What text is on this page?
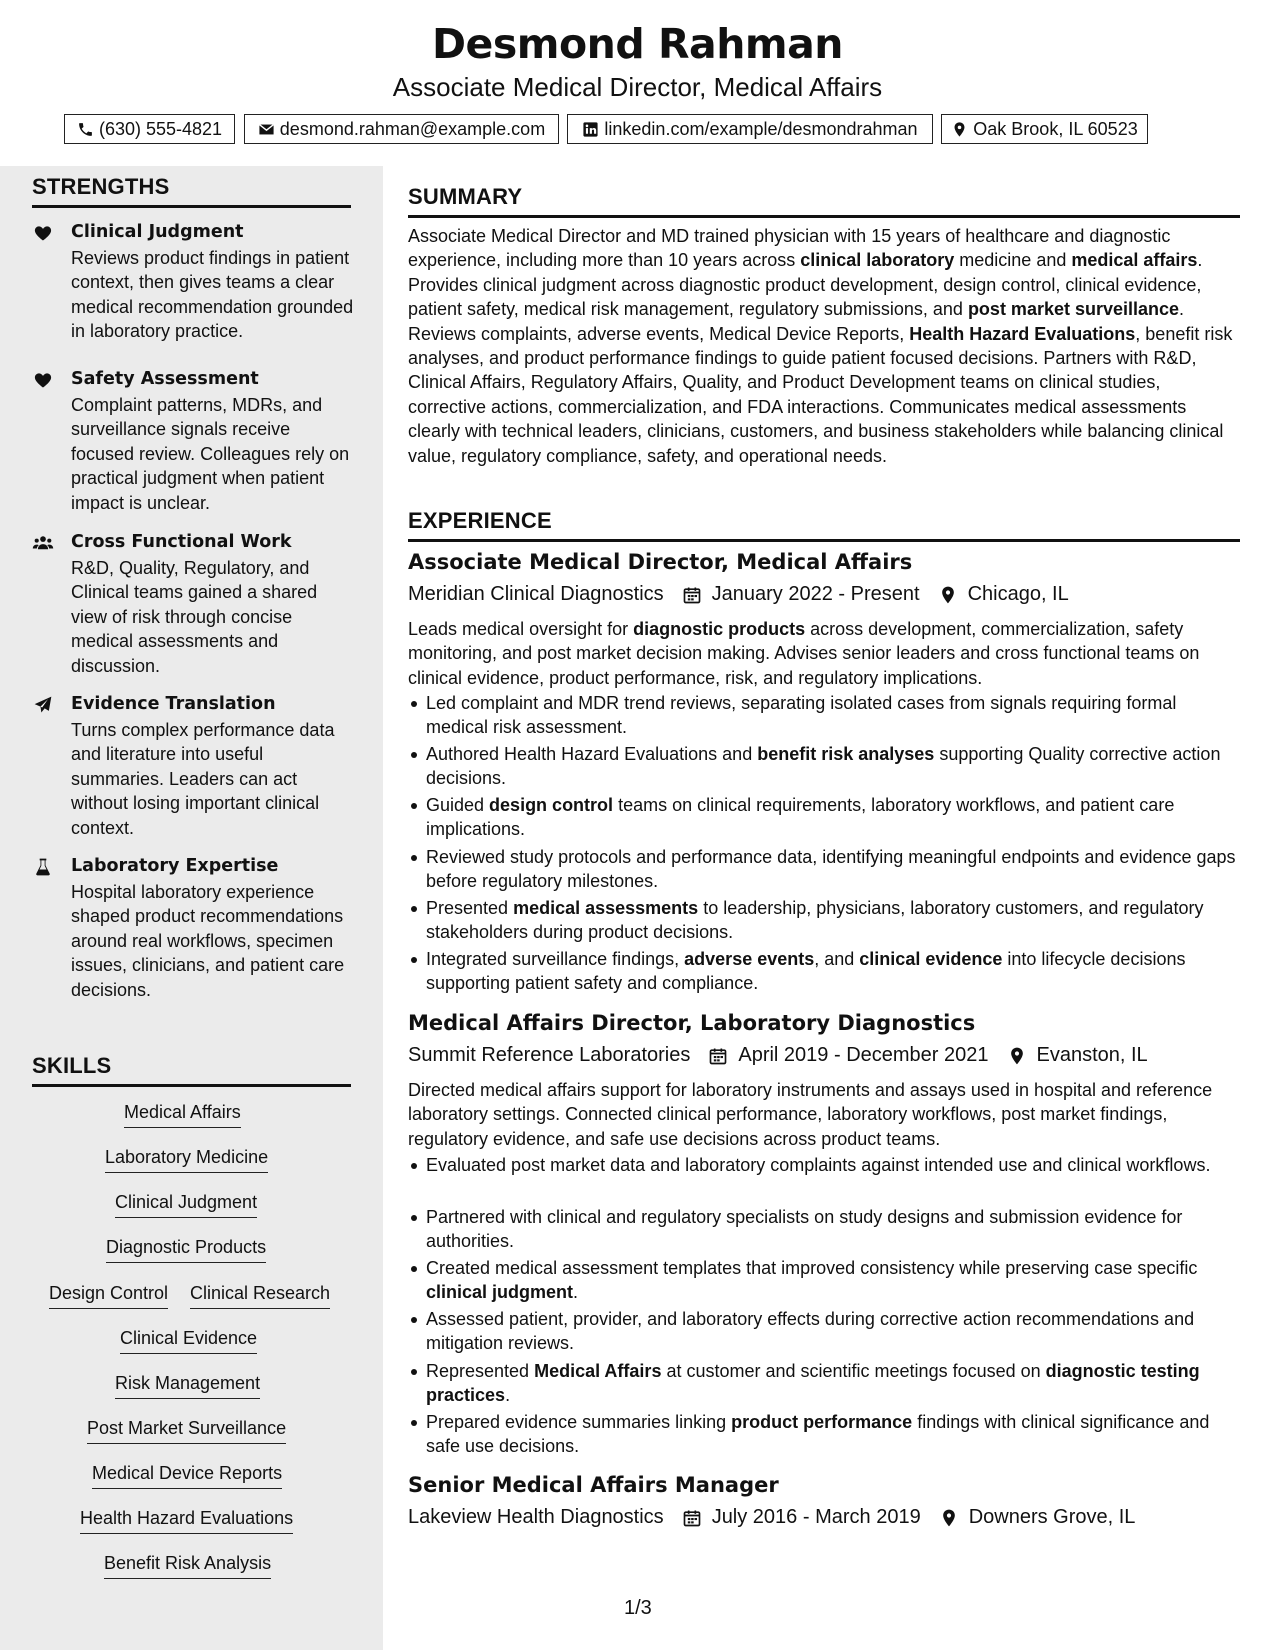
Desmond Rahman
Associate Medical Director, Medical Affairs
(630) 555-4821	desmond.rahman@example.com	linkedin.com/example/desmondrahman	Oak Brook, IL 60523
STRENGTHS
Clinical Judgment
Reviews product findings in patient context, then gives teams a clear medical recommendation grounded in laboratory practice.
Safety Assessment
Complaint patterns, MDRs, and surveillance signals receive focused review. Colleagues rely on practical judgment when patient impact is unclear.
Cross Functional Work
R&D, Quality, Regulatory, and Clinical teams gained a shared view of risk through concise medical assessments and discussion.
Evidence Translation
Turns complex performance data and literature into useful summaries. Leaders can act without losing important clinical context.
Laboratory Expertise
Hospital laboratory experience shaped product recommendations around real workflows, specimen issues, clinicians, and patient care decisions.
SKILLS
Medical Affairs
Laboratory Medicine
Clinical Judgment
Diagnostic Products
Design Control Clinical Research
Clinical Evidence
Risk Management
Post Market Surveillance
Medical Device Reports
Health Hazard Evaluations
Benefit Risk Analysis
SUMMARY
Associate Medical Director and MD trained physician with 15 years of healthcare and diagnostic experience, including more than 10 years across clinical laboratory medicine and medical affairs. Provides clinical judgment across diagnostic product development, design control, clinical evidence, patient safety, medical risk management, regulatory submissions, and post market surveillance. Reviews complaints, adverse events, Medical Device Reports, Health Hazard Evaluations, benefit risk analyses, and product performance findings to guide patient focused decisions. Partners with R&D, Clinical Affairs, Regulatory Affairs, Quality, and Product Development teams on clinical studies, corrective actions, commercialization, and FDA interactions. Communicates medical assessments clearly with technical leaders, clinicians, customers, and business stakeholders while balancing clinical value, regulatory compliance, safety, and operational needs.
EXPERIENCE
Associate Medical Director, Medical Affairs
Meridian Clinical Diagnostics January 2022 - Present Chicago, IL
Leads medical oversight for diagnostic products across development, commercialization, safety monitoring, and post market decision making. Advises senior leaders and cross functional teams on clinical evidence, product performance, risk, and regulatory implications.
Led complaint and MDR trend reviews, separating isolated cases from signals requiring formal medical risk assessment.
Authored Health Hazard Evaluations and benefit risk analyses supporting Quality corrective action decisions.
Guided design control teams on clinical requirements, laboratory workflows, and patient care implications.
Reviewed study protocols and performance data, identifying meaningful endpoints and evidence gaps before regulatory milestones.
Presented medical assessments to leadership, physicians, laboratory customers, and regulatory stakeholders during product decisions.
Integrated surveillance findings, adverse events, and clinical evidence into lifecycle decisions supporting patient safety and compliance.
Medical Affairs Director, Laboratory Diagnostics
Summit Reference Laboratories April 2019 - December 2021 Evanston, IL
Directed medical affairs support for laboratory instruments and assays used in hospital and reference laboratory settings. Connected clinical performance, laboratory workflows, post market findings, regulatory evidence, and safe use decisions across product teams.
Evaluated post market data and laboratory complaints against intended use and clinical workflows.
Partnered with clinical and regulatory specialists on study designs and submission evidence for authorities.
Created medical assessment templates that improved consistency while preserving case specific clinical judgment.
Assessed patient, provider, and laboratory effects during corrective action recommendations and mitigation reviews.
Represented Medical Affairs at customer and scientific meetings focused on diagnostic testing practices.
Prepared evidence summaries linking product performance findings with clinical significance and safe use decisions.
Senior Medical Affairs Manager
Lakeview Health Diagnostics July 2016 - March 2019 Downers Grove, IL
1/3
